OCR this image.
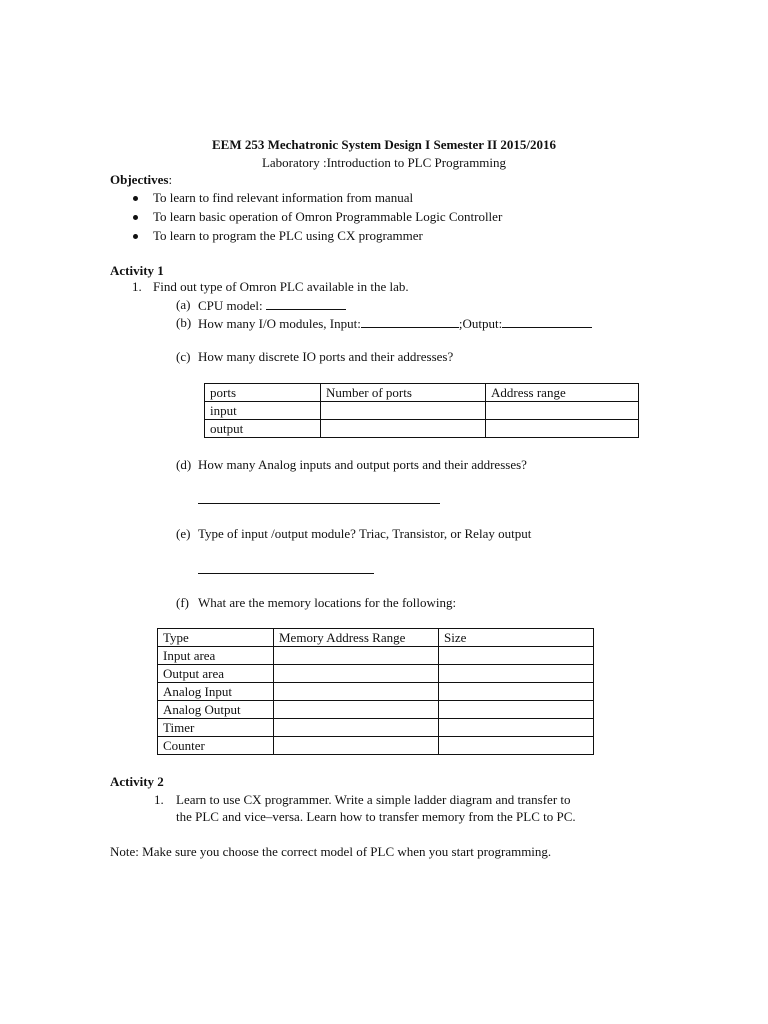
EEM 253 Mechatronic System Design I Semester II 2015/2016
Laboratory :Introduction to PLC Programming
Objectives:
To learn to find relevant information from manual
To learn basic operation of Omron Programmable Logic Controller
To learn to program the PLC using CX programmer
Activity 1
1. Find out type of Omron PLC available in the lab.
(a) CPU model:
(b) How many I/O modules, Input:	;Output:
(c) How many discrete IO ports and their addresses?
ports	Number of ports	Address range
input		
output		
(d) How many Analog inputs and output ports and their addresses?
(e) Type of input /output module? Triac, Transistor, or Relay output
(f) What are the memory locations for the following:
Type	Memory Address Range	Size
Input area		
Output area		
Analog Input		
Analog Output		
Timer		
Counter		
Activity 2
1. Learn to use CX programmer. Write a simple ladder diagram and transfer to
the PLC and vice–versa. Learn how to transfer memory from the PLC to PC.
Note: Make sure you choose the correct model of PLC when you start programming.
